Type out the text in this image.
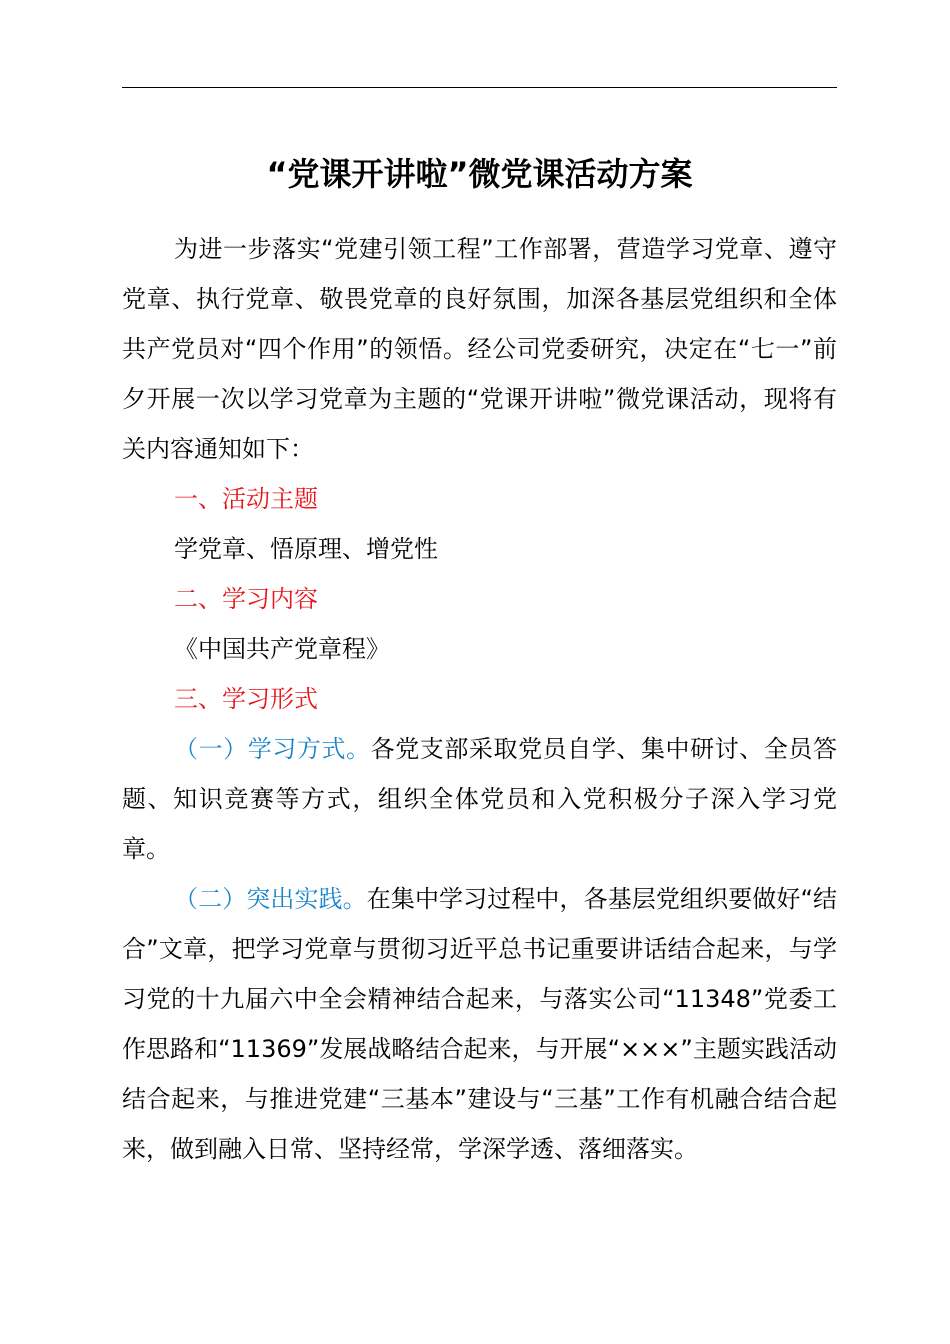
“党课开讲啦”微党课活动方案

为进一步落实“党建引领工程”工作部署，营造学习党章、遵守党章、执行党章、敬畏党章的良好氛围，加深各基层党组织和全体共产党员对“四个作用”的领悟。经公司党委研究，决定在“七一”前夕开展一次以学习党章为主题的“党课开讲啦”微党课活动，现将有关内容通知如下：

一、活动主题

学党章、悟原理、增党性

二、学习内容

《中国共产党章程》

三、学习形式

（一）学习方式。各党支部采取党员自学、集中研讨、全员答题、知识竞赛等方式，组织全体党员和入党积极分子深入学习党章。

（二）突出实践。在集中学习过程中，各基层党组织要做好“结合”文章，把学习党章与贯彻习近平总书记重要讲话结合起来，与学习党的十九届六中全会精神结合起来，与落实公司“11348”党委工作思路和“11369”发展战略结合起来，与开展“×××”主题实践活动结合起来，与推进党建“三基本”建设与“三基”工作有机融合结合起来，做到融入日常、坚持经常，学深学透、落细落实。
